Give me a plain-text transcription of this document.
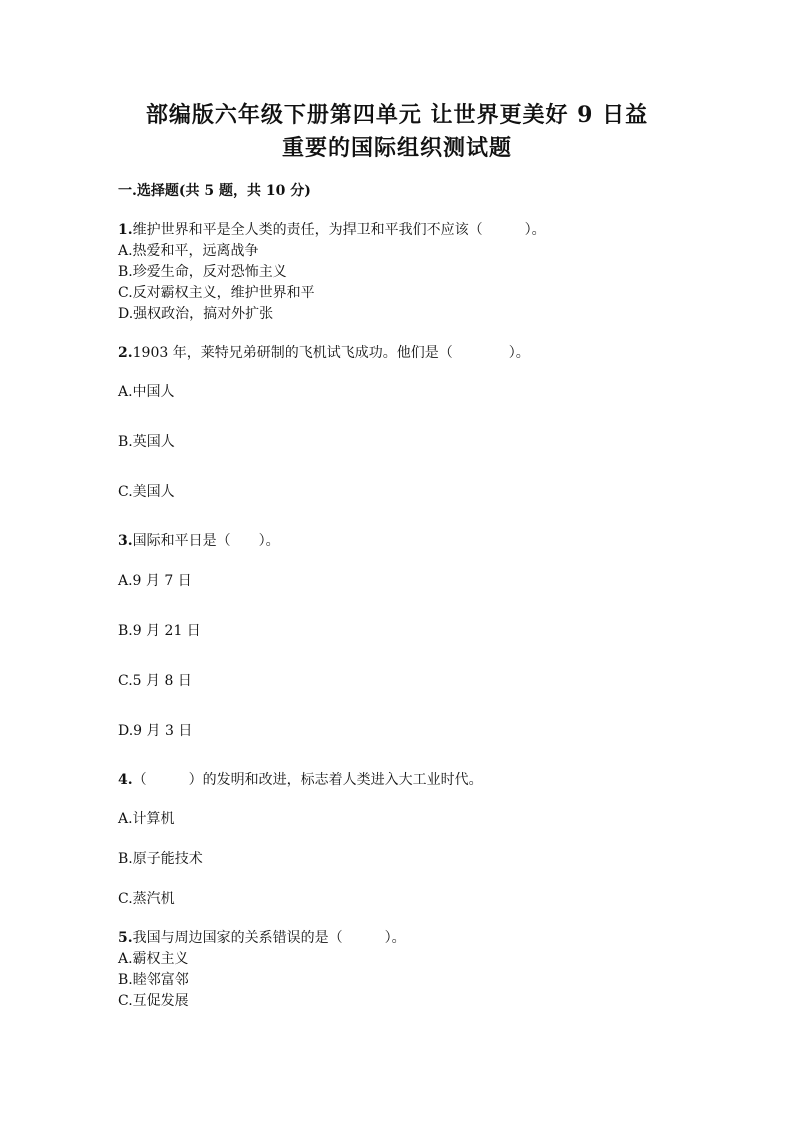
部编版六年级下册第四单元 让世界更美好 9 日益
重要的国际组织测试题
一.选择题(共 5 题，共 10 分)
1.维护世界和平是全人类的责任，为捍卫和平我们不应该（　　　）。
A.热爱和平，远离战争
B.珍爱生命，反对恐怖主义
C.反对霸权主义，维护世界和平
D.强权政治，搞对外扩张
2.1903 年，莱特兄弟研制的飞机试飞成功。他们是（　　　　）。
A.中国人
B.英国人
C.美国人
3.国际和平日是（　　）。
A.9 月 7 日
B.9 月 21 日
C.5 月 8 日
D.9 月 3 日
4.（　　　）的发明和改进，标志着人类进入大工业时代。
A.计算机
B.原子能技术
C.蒸汽机
5.我国与周边国家的关系错误的是（　　　）。
A.霸权主义
B.睦邻富邻
C.互促发展
